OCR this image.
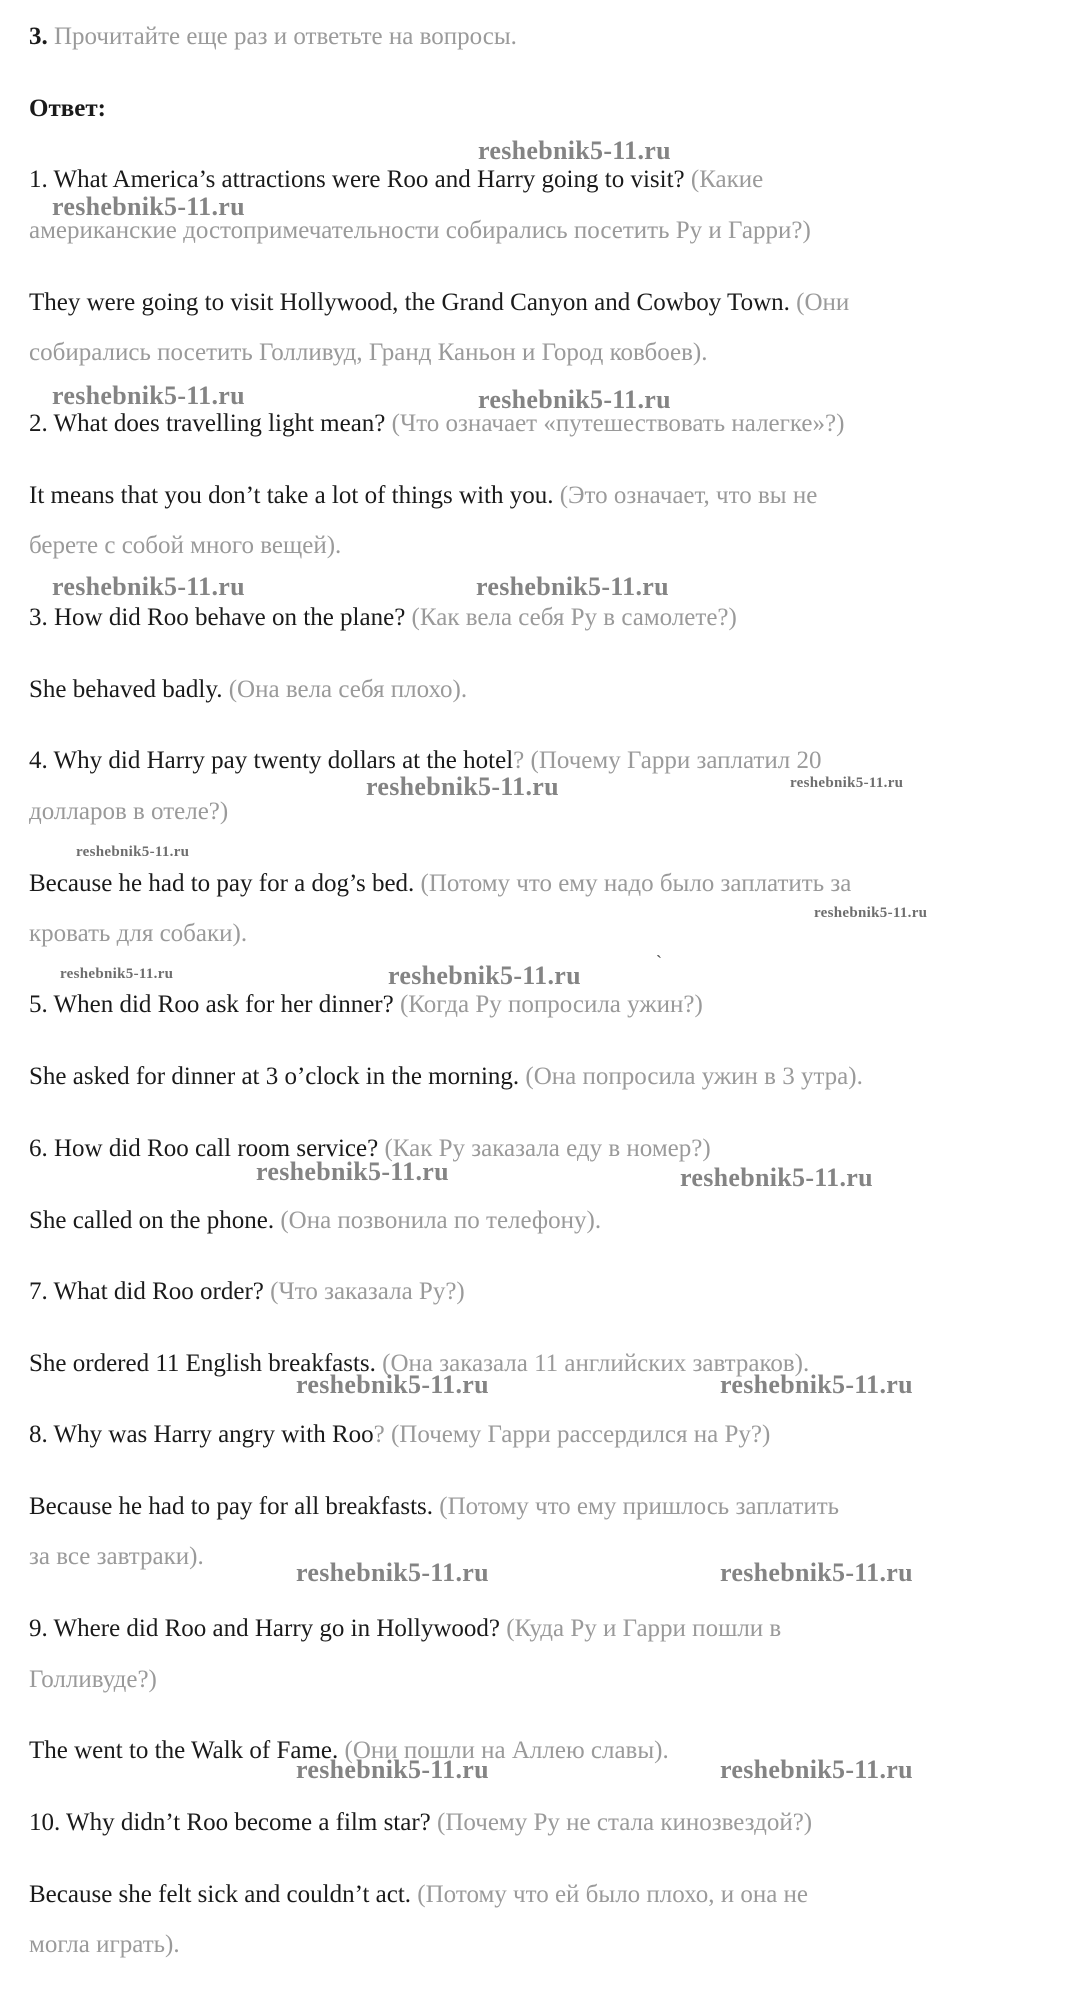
3. Прочитайте еще раз и ответьте на вопросы.
Ответ:
1. What America’s attractions were Roo and Harry going to visit? (Какие
американские достопримечательности собирались посетить Ру и Гарри?)
They were going to visit Hollywood, the Grand Canyon and Cowboy Town. (Они
собирались посетить Голливуд, Гранд Каньон и Город ковбоев).
2. What does travelling light mean? (Что означает «путешествовать налегке»?)
It means that you don’t take a lot of things with you. (Это означает, что вы не
берете с собой много вещей).
3. How did Roo behave on the plane? (Как вела себя Ру в самолете?)
She behaved badly. (Она вела себя плохо).
4. Why did Harry pay twenty dollars at the hotel? (Почему Гарри заплатил 20
долларов в отеле?)
Because he had to pay for a dog’s bed. (Потому что ему надо было заплатить за
кровать для собаки).
5. When did Roo ask for her dinner? (Когда Ру попросила ужин?)
She asked for dinner at 3 o’clock in the morning. (Она попросила ужин в 3 утра).
6. How did Roo call room service? (Как Ру заказала еду в номер?)
She called on the phone. (Она позвонила по телефону).
7. What did Roo order? (Что заказала Ру?)
She ordered 11 English breakfasts. (Она заказала 11 английских завтраков).
8. Why was Harry angry with Roo? (Почему Гарри рассердился на Ру?)
Because he had to pay for all breakfasts. (Потому что ему пришлось заплатить
за все завтраки).
9. Where did Roo and Harry go in Hollywood? (Куда Ру и Гарри пошли в
Голливуде?)
The went to the Walk of Fame. (Они пошли на Аллею славы).
10. Why didn’t Roo become a film star? (Почему Ру не стала кинозвездой?)
Because she felt sick and couldn’t act. (Потому что ей было плохо, и она не
могла играть).
reshebnik5-11.ru
reshebnik5-11.ru
reshebnik5-11.ru	reshebnik5-11.ru
reshebnik5-11.ru	reshebnik5-11.ru
reshebnik5-11.ru	reshebnik5-11.ru
reshebnik5-11.ru
reshebnik5-11.ru
reshebnik5-11.ru	reshebnik5-11.ru
reshebnik5-11.ru	reshebnik5-11.ru
reshebnik5-11.ru	reshebnik5-11.ru
reshebnik5-11.ru	reshebnik5-11.ru
reshebnik5-11.ru	reshebnik5-11.ru
ˋ
